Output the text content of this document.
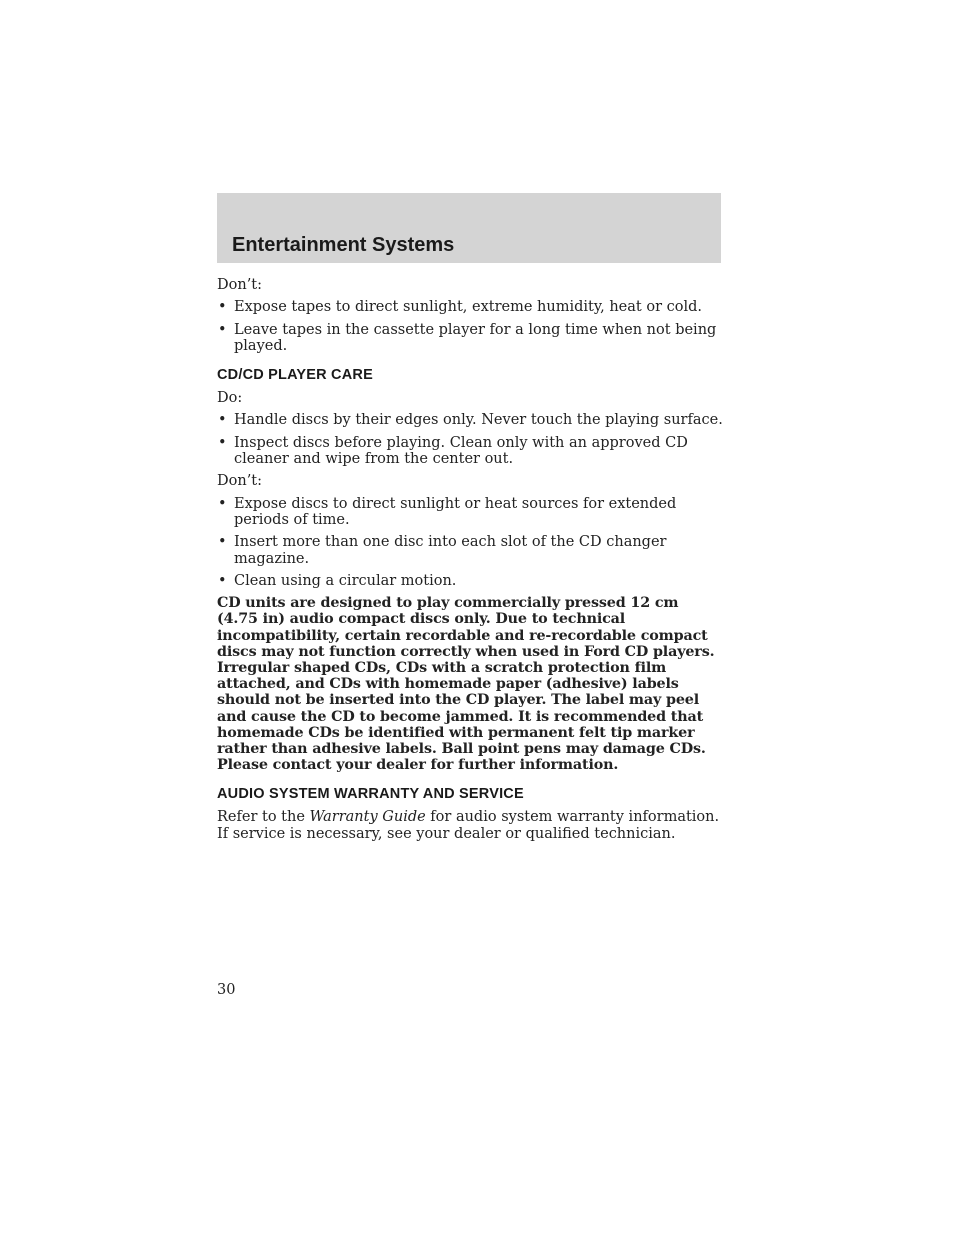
Entertainment Systems

Don’t:

• Expose tapes to direct sunlight, extreme humidity, heat or cold.
• Leave tapes in the cassette player for a long time when not being played.
CD/CD PLAYER CARE

Do:

• Handle discs by their edges only. Never touch the playing surface.
• Inspect discs before playing. Clean only with an approved CD cleaner and wipe from the center out.

Don’t:

• Expose discs to direct sunlight or heat sources for extended periods of time.
• Insert more than one disc into each slot of the CD changer magazine.
• Clean using a circular motion.

CD units are designed to play commercially pressed 12 cm (4.75 in) audio compact discs only. Due to technical incompatibility, certain recordable and re-recordable compact discs may not function correctly when used in Ford CD players. Irregular shaped CDs, CDs with a scratch protection film attached, and CDs with homemade paper (adhesive) labels should not be inserted into the CD player. The label may peel and cause the CD to become jammed. It is recommended that homemade CDs be identified with permanent felt tip marker rather than adhesive labels. Ball point pens may damage CDs. Please contact your dealer for further information.

AUDIO SYSTEM WARRANTY AND SERVICE

Refer to the Warranty Guide for audio system warranty information. If service is necessary, see your dealer or qualified technician.

30
